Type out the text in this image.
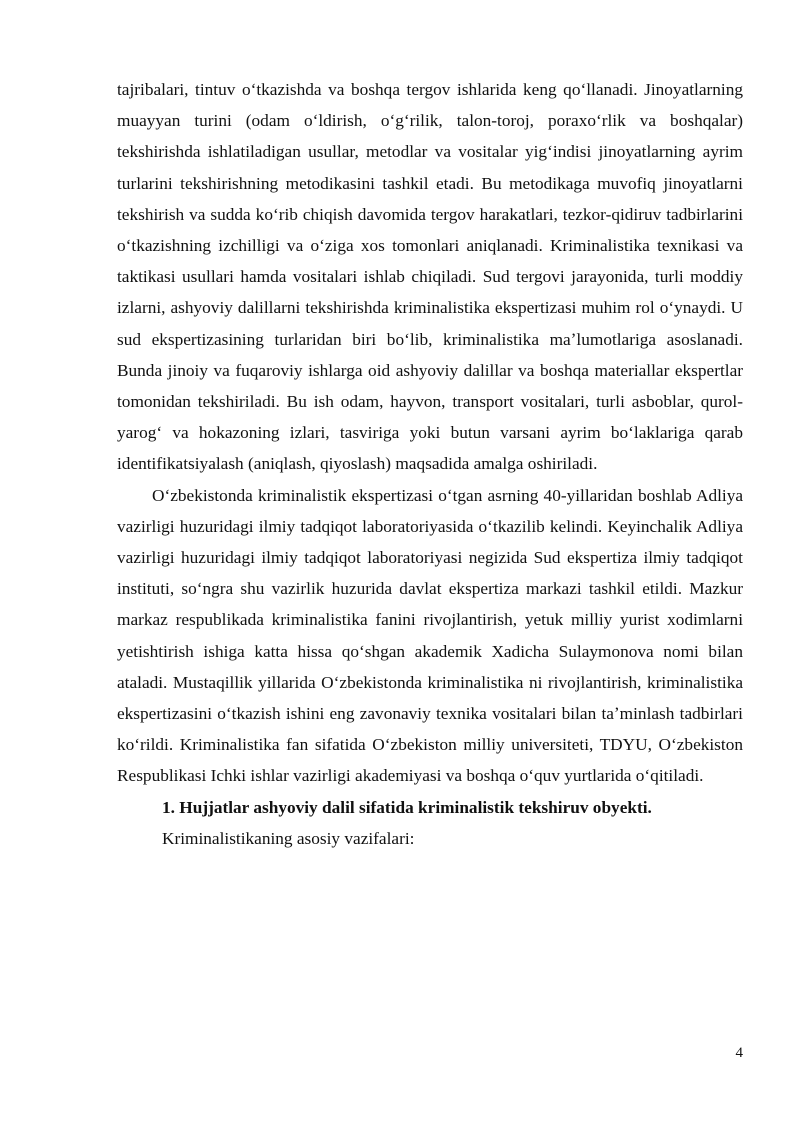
tajribalari, tintuv oʻtkazishda va boshqa tergov ishlarida keng qoʻllanadi. Jinoyatlarning muayyan turini (odam oʻldirish, oʻgʻrilik, talon-toroj, poraxoʻrlik va boshqalar) tekshirishda ishlatiladigan usullar, metodlar va vositalar yigʻindisi jinoyatlarning ayrim turlarini tekshirishning metodikasini tashkil etadi. Bu metodikaga muvofiq jinoyatlarni tekshirish va sudda koʻrib chiqish davomida tergov harakatlari, tezkor-qidiruv tadbirlarini oʻtkazishning izchilligi va oʻziga xos tomonlari aniqlanadi. Kriminalistika texnikasi va taktikasi usullari hamda vositalari ishlab chiqiladi. Sud tergovi jarayonida, turli moddiy izlarni, ashyoviy dalillarni tekshirishda kriminalistika ekspertizasi muhim rol oʻynaydi. U sud ekspertizasining turlaridan biri boʻlib, kriminalistika maʼlumotlariga asoslanadi. Bunda jinoiy va fuqaroviy ishlarga oid ashyoviy dalillar va boshqa materiallar ekspertlar tomonidan tekshiriladi. Bu ish odam, hayvon, transport vositalari, turli asboblar, qurol-yarogʻ va hokazoning izlari, tasviriga yoki butun varsani ayrim boʻlaklariga qarab identifikatsiyalash (aniqlash, qiyoslash) maqsadida amalga oshiriladi.

Oʻzbekistonda kriminalistik ekspertizasi oʻtgan asrning 40-yillaridan boshlab Adliya vazirligi huzuridagi ilmiy tadqiqot laboratoriyasida oʻtkazilib kelindi. Keyinchalik Adliya vazirligi huzuridagi ilmiy tadqiqot laboratoriyasi negizida Sud ekspertiza ilmiy tadqiqot instituti, soʻngra shu vazirlik huzurida davlat ekspertiza markazi tashkil etildi. Mazkur markaz respublikada kriminalistika fanini rivojlantirish, yetuk milliy yurist xodimlarni yetishtirish ishiga katta hissa qoʻshgan akademik Xadicha Sulaymonova nomi bilan ataladi. Mustaqillik yillarida Oʻzbekistonda kriminalistika ni rivojlantirish, kriminalistika ekspertizasini oʻtkazish ishini eng zavonaviy texnika vositalari bilan taʼminlash tadbirlari koʻrildi. Kriminalistika fan sifatida Oʻzbekiston milliy universiteti, TDYU, Oʻzbekiston Respublikasi Ichki ishlar vazirligi akademiyasi va boshqa oʻquv yurtlarida oʻqitiladi.

1. Hujjatlar ashyoviy dalil sifatida kriminalistik tekshiruv obyekti.

Kriminalistikaning asosiy vazifalari:

4
